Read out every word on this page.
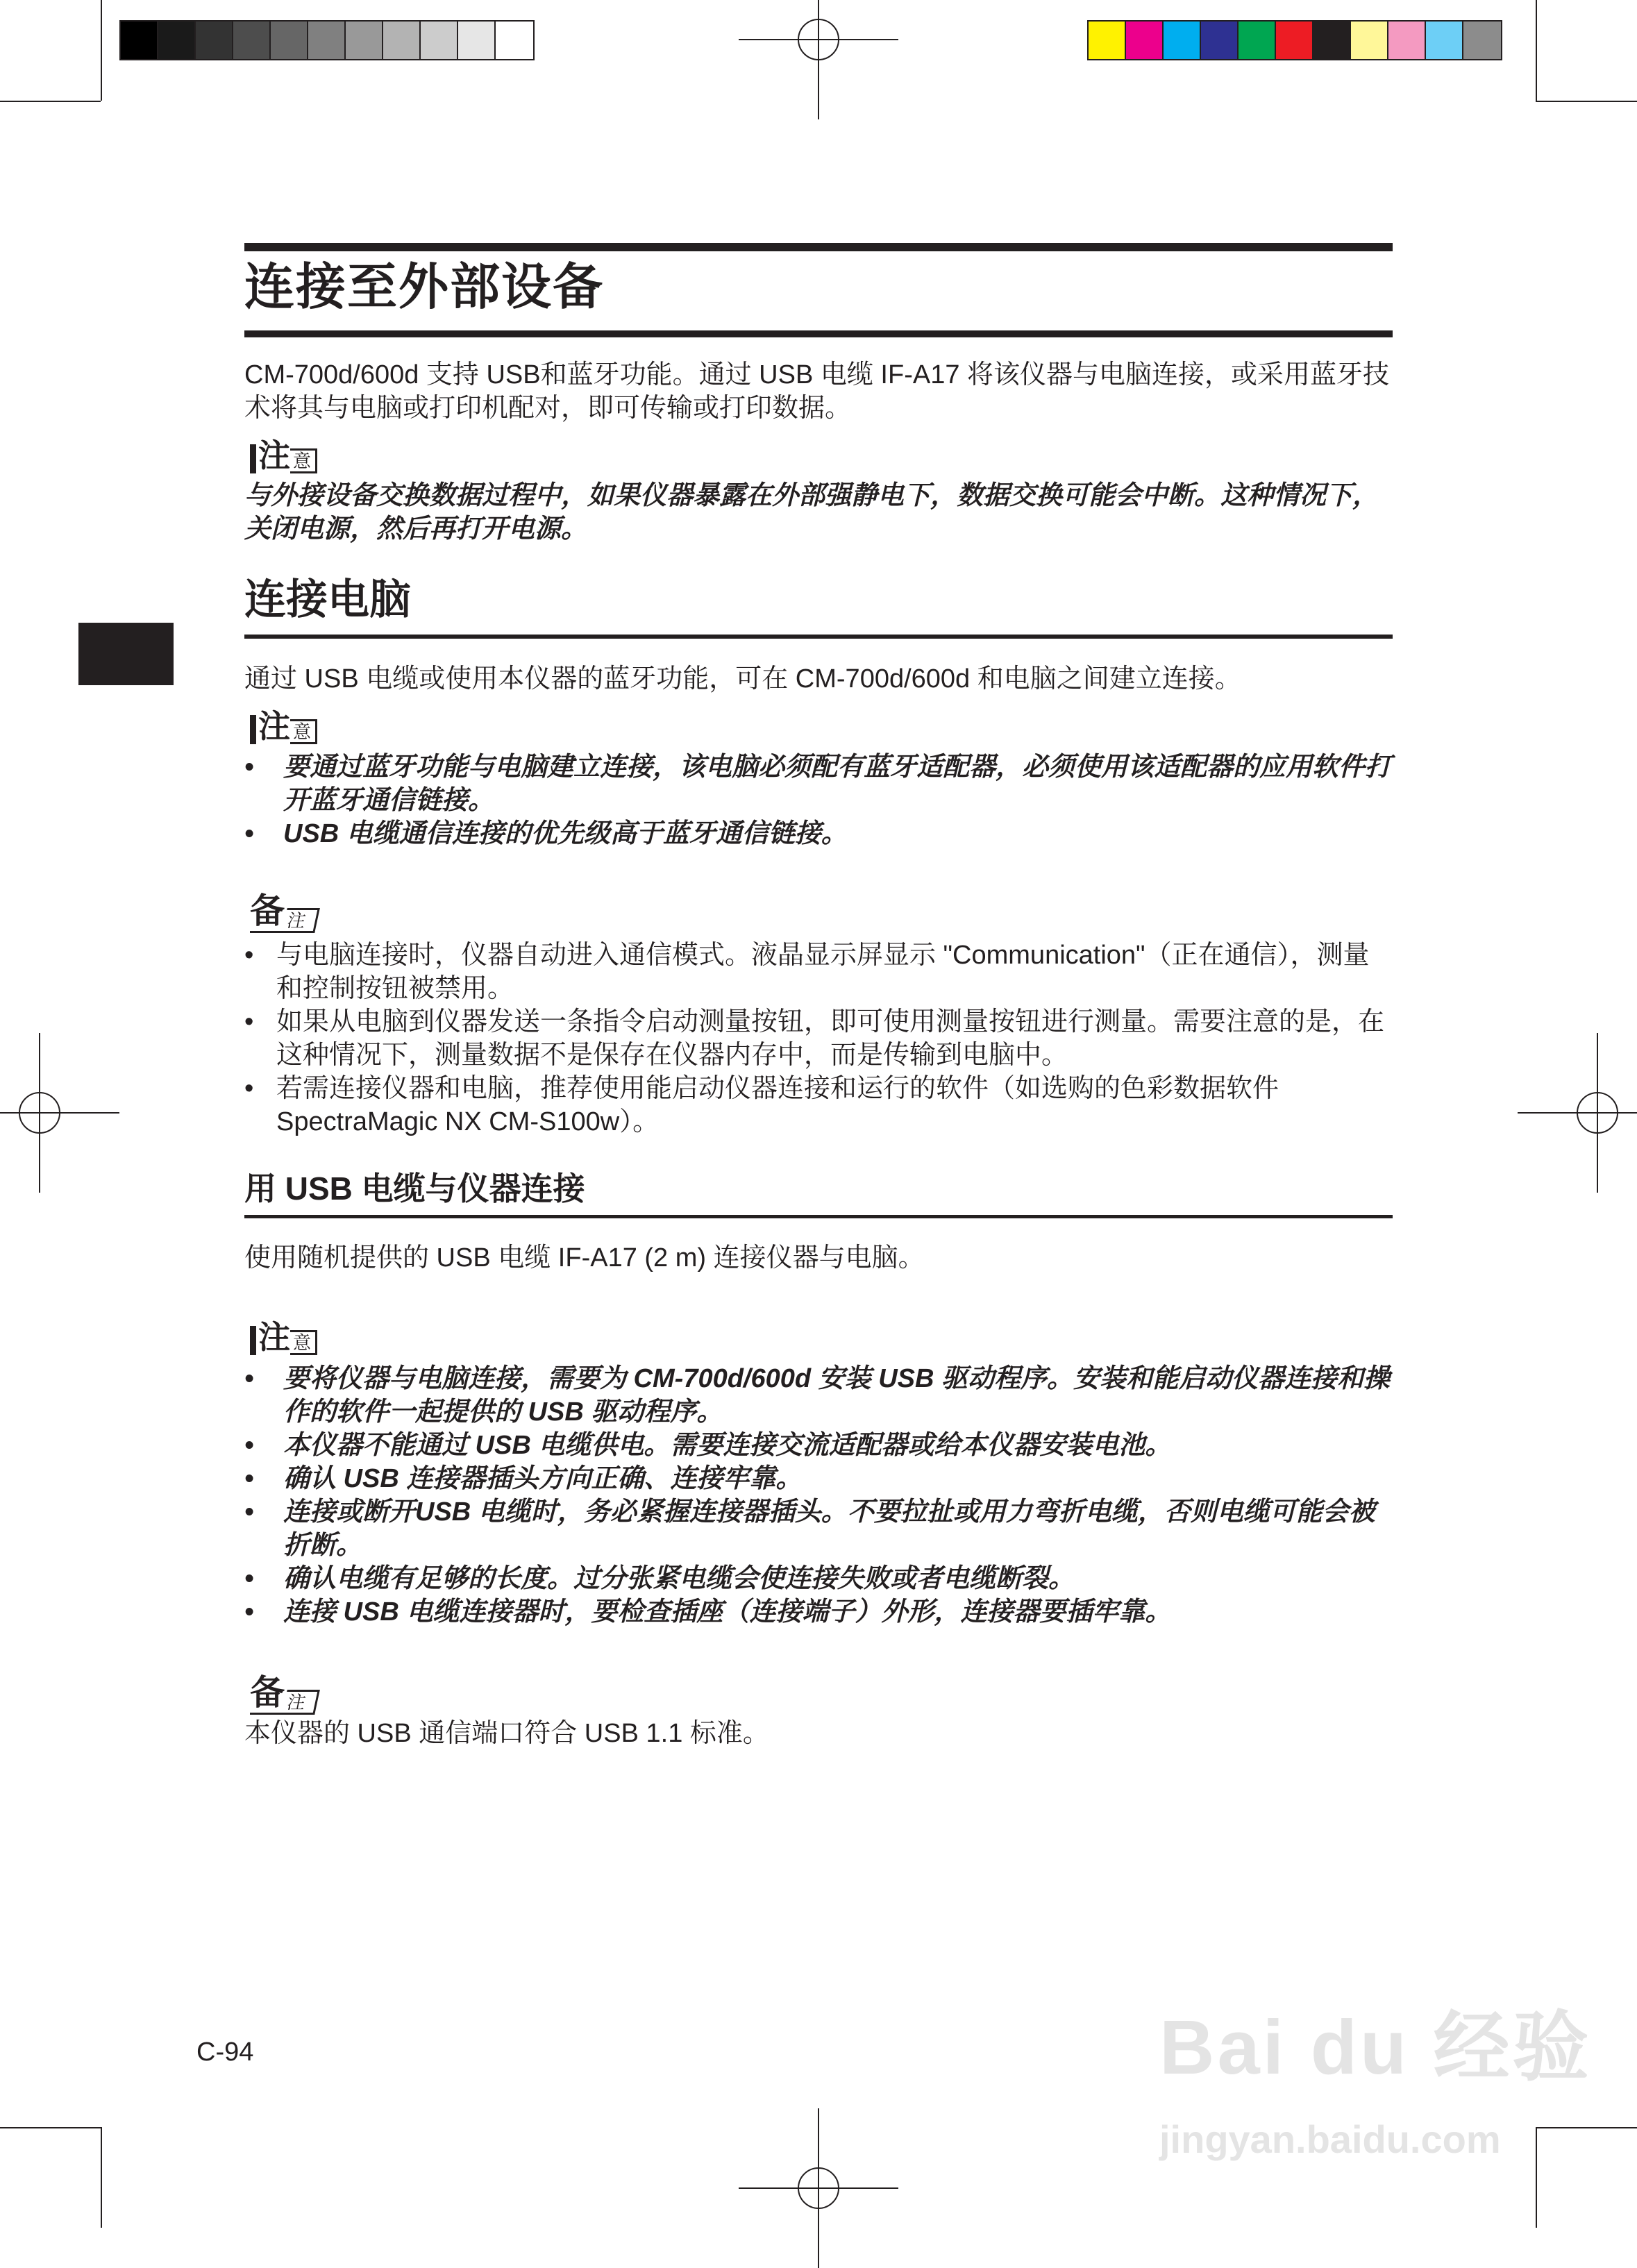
连接至外部设备
CM-700d/600d 支持 USB和蓝牙功能。通过 USB 电缆 IF-A17 将该仪器与电脑连接，或采用蓝牙技术将其与电脑或打印机配对，即可传输或打印数据。
注 意
与外接设备交换数据过程中，如果仪器暴露在外部强静电下，数据交换可能会中断。这种情况下，关闭电源，然后再打开电源。
连接电脑
通过 USB 电缆或使用本仪器的蓝牙功能，可在 CM-700d/600d 和电脑之间建立连接。
注 意
• 要通过蓝牙功能与电脑建立连接，该电脑必须配有蓝牙适配器，必须使用该适配器的应用软件打开蓝牙通信链接。
• USB 电缆通信连接的优先级高于蓝牙通信链接。
备 注
• 与电脑连接时，仪器自动进入通信模式。液晶显示屏显示 "Communication"（正在通信），测量和控制按钮被禁用。
• 如果从电脑到仪器发送一条指令启动测量按钮，即可使用测量按钮进行测量。需要注意的是，在这种情况下，测量数据不是保存在仪器内存中，而是传输到电脑中。
• 若需连接仪器和电脑，推荐使用能启动仪器连接和运行的软件（如选购的色彩数据软件 SpectraMagic NX CM-S100w）。
用 USB 电缆与仪器连接
使用随机提供的 USB 电缆 IF-A17 (2 m) 连接仪器与电脑。
注 意
• 要将仪器与电脑连接，需要为 CM-700d/600d 安装 USB 驱动程序。安装和能启动仪器连接和操作的软件一起提供的 USB 驱动程序。
• 本仪器不能通过 USB 电缆供电。需要连接交流适配器或给本仪器安装电池。
• 确认 USB 连接器插头方向正确、连接牢靠。
• 连接或断开USB 电缆时，务必紧握连接器插头。不要拉扯或用力弯折电缆，否则电缆可能会被折断。
• 确认电缆有足够的长度。过分张紧电缆会使连接失败或者电缆断裂。
• 连接 USB 电缆连接器时，要检查插座（连接端子）外形，连接器要插牢靠。
备 注
本仪器的 USB 通信端口符合 USB 1.1 标准。
C-94	Bai du 经验
jingyan.baidu.com
